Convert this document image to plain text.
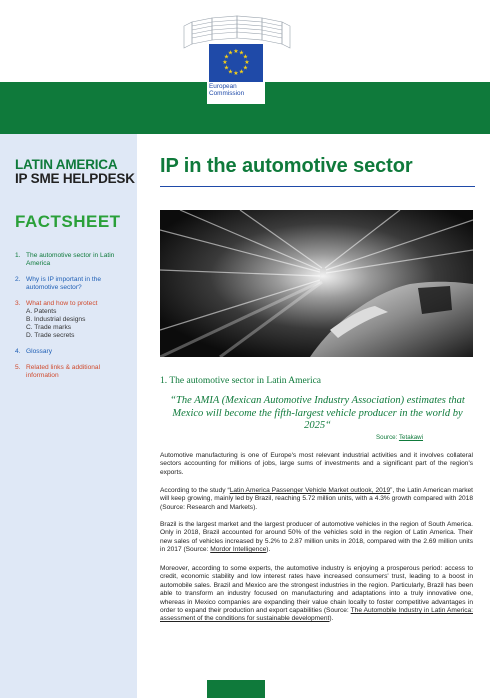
★ ★
★
★
★
★
★
★
★
★
★
★
European
Commission
LATIN AMERICA
IP SME HELPDESK
FACTSHEET
1. The automotive sector in Latin America
2. Why is IP important in the automotive sector?
3. What and how to protect
A. Patents
B. Industrial designs
C. Trade marks
D. Trade secrets
4. Glossary
5. Related links & additional information
IP in the automotive sector
1. The automotive sector in Latin America
“The AMIA (Mexican Automotive Industry Association) estimates that Mexico will become the fifth-largest vehicle producer in the world by 2025“
Source: Tetakawi

Automotive manufacturing is one of Europe's most relevant industrial activities and it involves collateral sectors accounting for millions of jobs, large sums of investments and a significant part of the region's exports.

According to the study “Latin America Passenger Vehicle Market outlook, 2019”, the Latin American market will keep growing, mainly led by Brazil, reaching 5.72 million units, with a 4.3% growth compared with 2018 (Source: Research and Markets).

Brazil is the largest market and the largest producer of automotive vehicles in the region of South America. Only in 2018, Brazil accounted for around 50% of the vehicles sold in the region of Latin America. Their new sales of vehicles increased by 5.2% to 2.87 million units in 2018, compared with the 2.69 million units in 2017 (Source: Mordor Intelligence).

Moreover, according to some experts, the automotive industry is enjoying a prosperous period: access to credit, economic stability and low interest rates have increased consumers' trust, leading to a boost in automobile sales. Brazil and Mexico are the strongest industries in the region. Particularly, Brazil has been able to transform an industry focused on manufacturing and adaptations into a truly innovative one, whereas in Mexico companies are expanding their value chain locally to foster competitive advantages in order to expand their production and export capabilities (Source: The Automobile Industry in Latin America: assessment of the conditions for sustainable development).
